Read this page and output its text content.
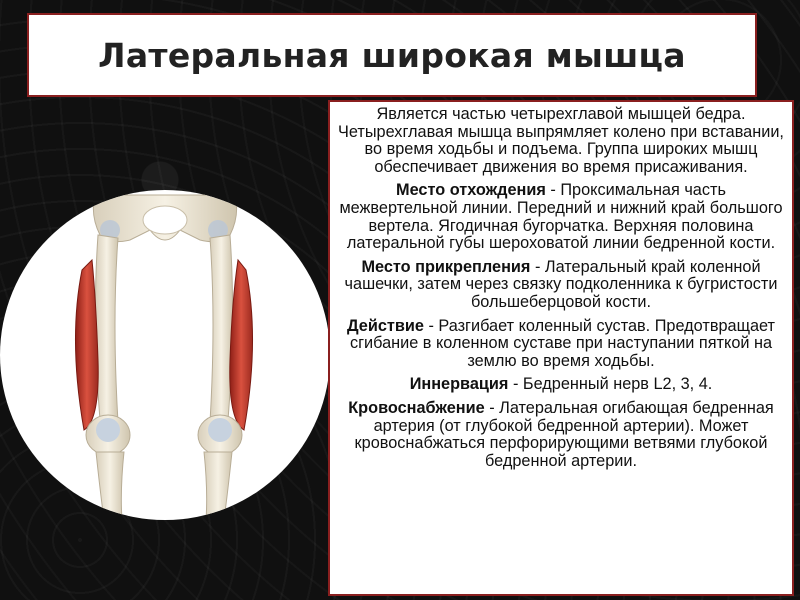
Латеральная широкая мышца

Является частью четырехглавой мышцей бедра. Четырехглавая мышца выпрямляет колено при вставании, во время ходьбы и подъема. Группа широких мышц обеспечивает движения во время присаживания.

Место отхождения - Проксимальная часть межвертельной линии. Передний и нижний край большого вертела. Ягодичная бугорчатка. Верхняя половина латеральной губы шероховатой линии бедренной кости.

Место прикрепления - Латеральный край коленной чашечки, затем через связку подколенника к бугристости большеберцовой кости.

Действие - Разгибает коленный сустав. Предотвращает сгибание в коленном суставе при наступании пяткой на землю во время ходьбы.

Иннервация - Бедренный нерв L2, 3, 4.

Кровоснабжение - Латеральная огибающая бедренная артерия (от глубокой бедренной артерии). Может кровоснабжаться перфорирующими ветвями глубокой бедренной артерии.
